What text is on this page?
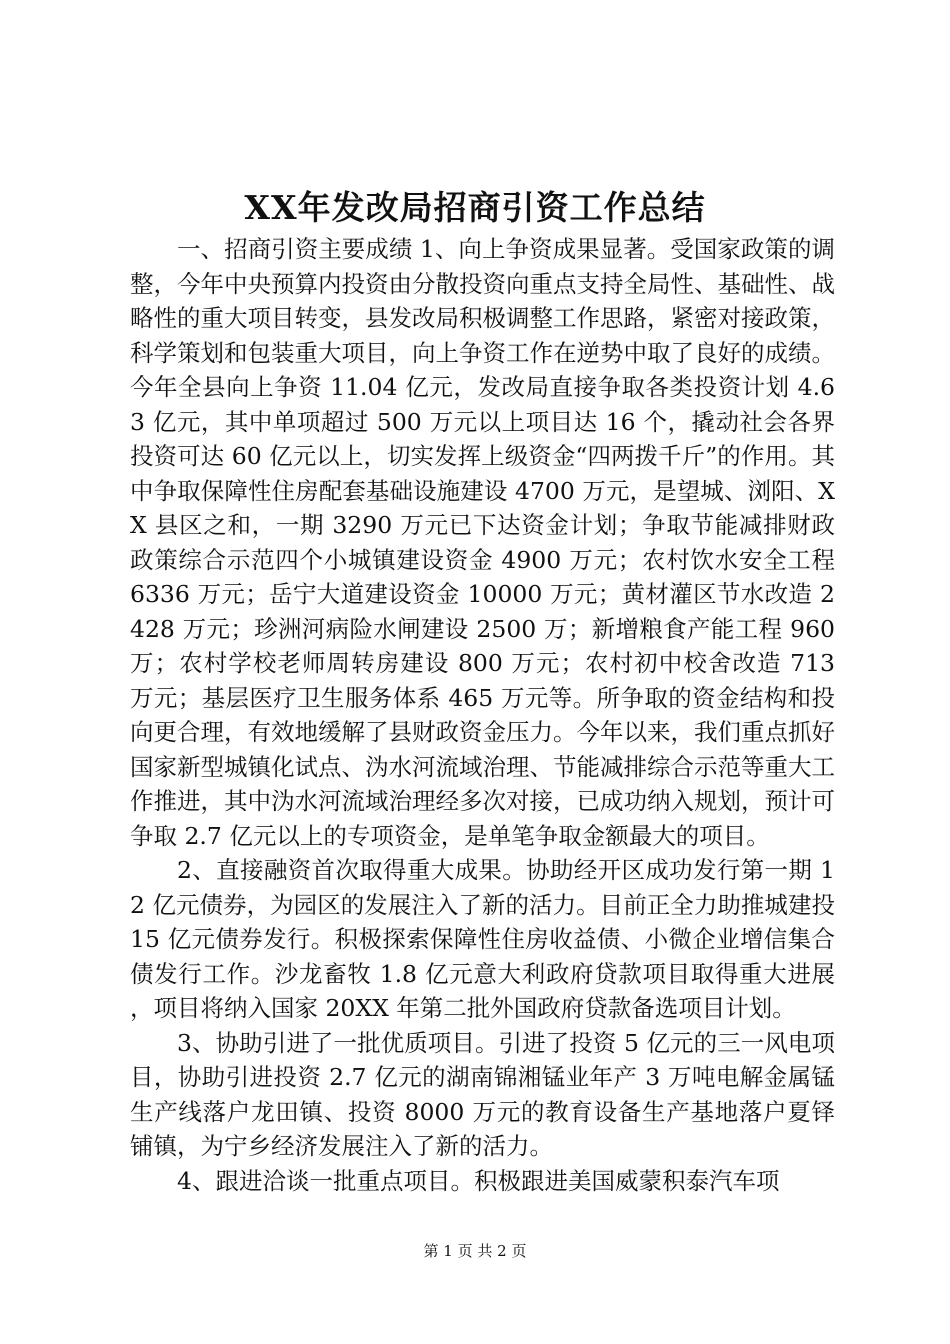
XX年发改局招商引资工作总结

一、招商引资主要成绩 1、向上争资成果显著。受国家政策的调整，今年中央预算内投资由分散投资向重点支持全局性、基础性、战略性的重大项目转变，县发改局积极调整工作思路，紧密对接政策，科学策划和包装重大项目，向上争资工作在逆势中取了良好的成绩。今年全县向上争资 11.04 亿元，发改局直接争取各类投资计划 4.63 亿元，其中单项超过 500 万元以上项目达 16 个，撬动社会各界投资可达 60 亿元以上，切实发挥上级资金“四两拨千斤”的作用。其中争取保障性住房配套基础设施建设 4700 万元，是望城、浏阳、XX 县区之和，一期 3290 万元已下达资金计划；争取节能减排财政政策综合示范四个小城镇建设资金 4900 万元；农村饮水安全工程 6336 万元；岳宁大道建设资金 10000 万元；黄材灌区节水改造 2428 万元；珍洲河病险水闸建设 2500 万；新增粮食产能工程 960 万；农村学校老师周转房建设 800 万元；农村初中校舍改造 713 万元；基层医疗卫生服务体系 465 万元等。所争取的资金结构和投向更合理，有效地缓解了县财政资金压力。今年以来，我们重点抓好国家新型城镇化试点、沩水河流域治理、节能减排综合示范等重大工作推进，其中沩水河流域治理经多次对接，已成功纳入规划，预计可争取 2.7 亿元以上的专项资金，是单笔争取金额最大的项目。

2、直接融资首次取得重大成果。协助经开区成功发行第一期 12 亿元债券，为园区的发展注入了新的活力。目前正全力助推城建投 15 亿元债券发行。积极探索保障性住房收益债、小微企业增信集合债发行工作。沙龙畜牧 1.8 亿元意大利政府贷款项目取得重大进展，项目将纳入国家 20XX 年第二批外国政府贷款备选项目计划。

3、协助引进了一批优质项目。引进了投资 5 亿元的三一风电项目，协助引进投资 2.7 亿元的湖南锦湘锰业年产 3 万吨电解金属锰生产线落户龙田镇、投资 8000 万元的教育设备生产基地落户夏铎铺镇，为宁乡经济发展注入了新的活力。

4、跟进洽谈一批重点项目。积极跟进美国威蒙积泰汽车项

第 1 页 共 2 页
